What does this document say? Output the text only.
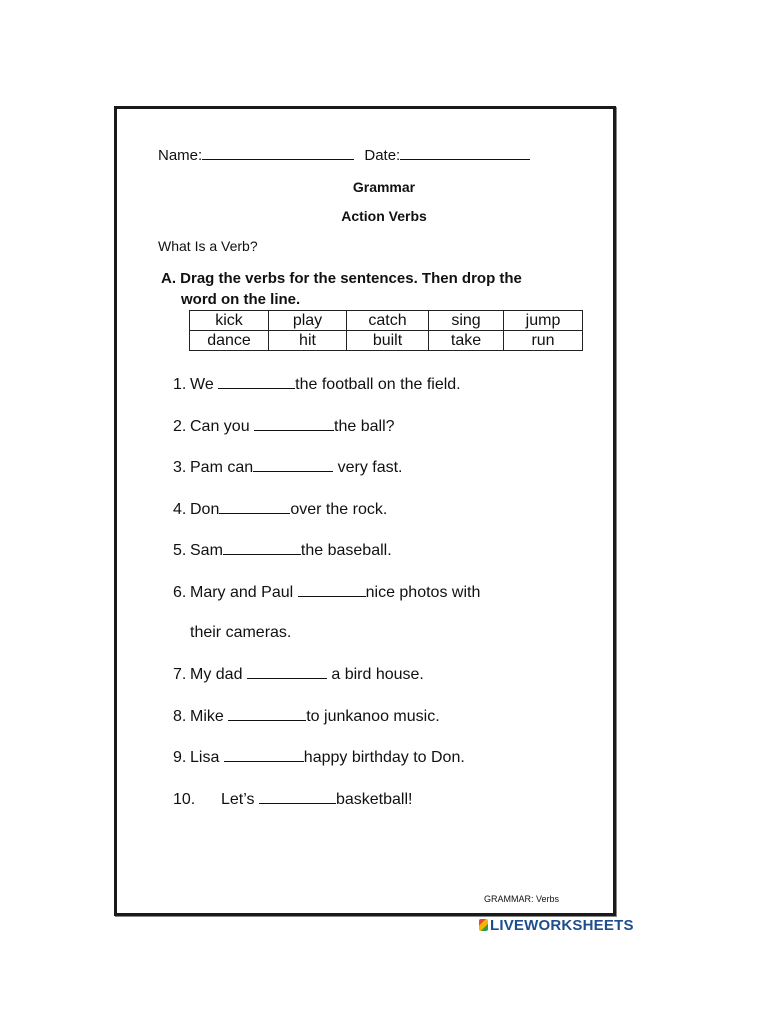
Name:	Date:
Grammar
Action Verbs
What Is a Verb?
A. Drag the verbs for the sentences. Then drop the
word on the line.
kick	play	catch	sing	jump
dance	hit	built	take	run
1. We	the football on the field.
2. Can you	the ball?
3. Pam can	very fast.
4. Don	over the rock.
5. Sam	the baseball.
6. Mary and Paul	nice photos with
their cameras.
7. My dad	a bird house.
8. Mike	to junkanoo music.
9. Lisa	happy birthday to Don.
10. Let’s	basketball!
GRAMMAR: Verbs
LIVEWORKSHEETS
